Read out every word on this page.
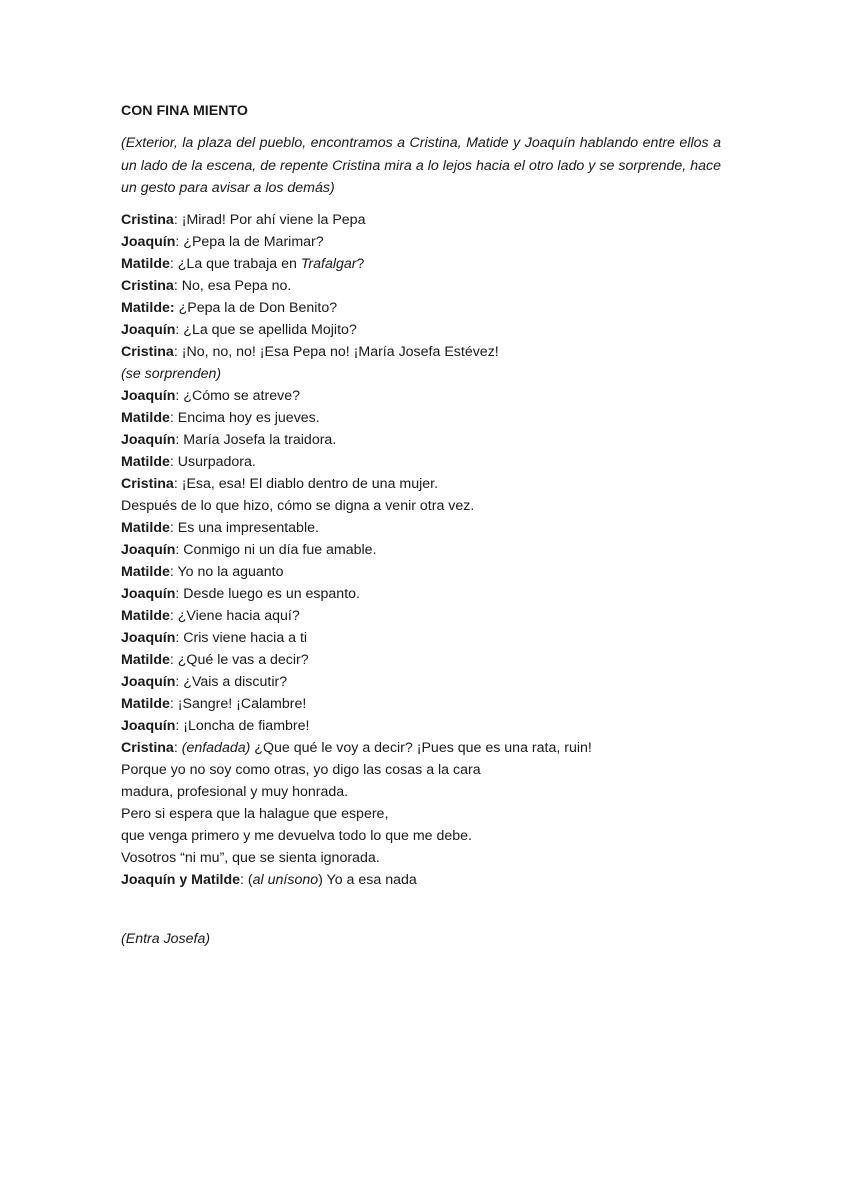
CON FINA MIENTO
(Exterior, la plaza del pueblo, encontramos a Cristina, Matide y Joaquín hablando entre ellos a un lado de la escena, de repente Cristina mira a lo lejos hacia el otro lado y se sorprende, hace un gesto para avisar a los demás)
Cristina: ¡Mirad! Por ahí viene la Pepa
Joaquín: ¿Pepa la de Marimar?
Matilde: ¿La que trabaja en Trafalgar?
Cristina: No, esa Pepa no.
Matilde: ¿Pepa la de Don Benito?
Joaquín: ¿La que se apellida Mojito?
Cristina: ¡No, no, no! ¡Esa Pepa no! ¡María Josefa Estévez!
(se sorprenden)
Joaquín: ¿Cómo se atreve?
Matilde: Encima hoy es jueves.
Joaquín: María Josefa la traidora.
Matilde: Usurpadora.
Cristina: ¡Esa, esa! El diablo dentro de una mujer.
Después de lo que hizo, cómo se digna a venir otra vez.
Matilde: Es una impresentable.
Joaquín: Conmigo ni un día fue amable.
Matilde: Yo no la aguanto
Joaquín: Desde luego es un espanto.
Matilde: ¿Viene hacia aquí?
Joaquín: Cris viene hacia a ti
Matilde: ¿Qué le vas a decir?
Joaquín: ¿Vais a discutir?
Matilde: ¡Sangre! ¡Calambre!
Joaquín: ¡Loncha de fiambre!
Cristina: (enfadada) ¿Que qué le voy a decir? ¡Pues que es una rata, ruin!
Porque yo no soy como otras, yo digo las cosas a la cara
madura, profesional y muy honrada.
Pero si espera que la halague que espere,
que venga primero y me devuelva todo lo que me debe.
Vosotros “ni mu”, que se sienta ignorada.
Joaquín y Matilde: (al unísono) Yo a esa nada
(Entra Josefa)
